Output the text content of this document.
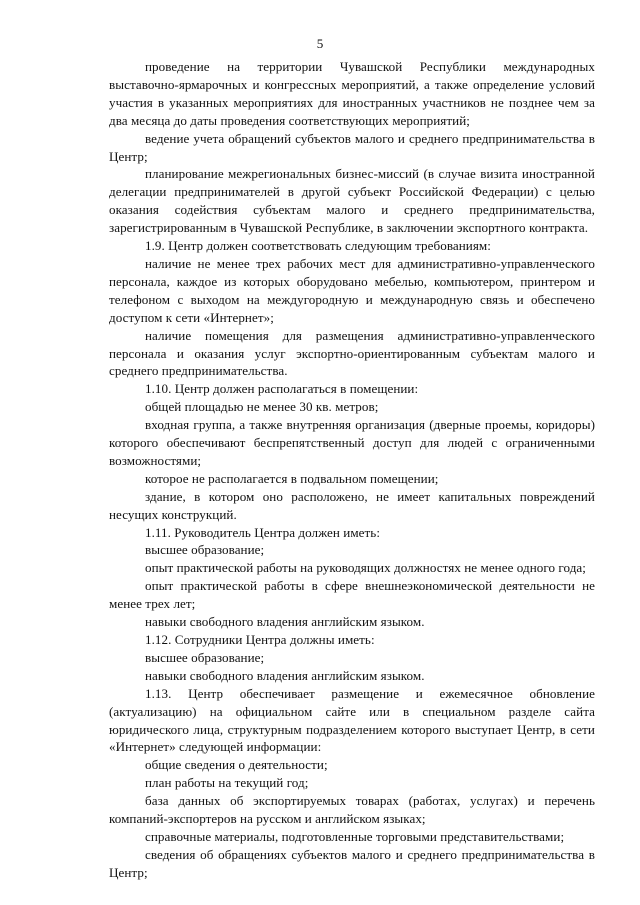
5

проведение на территории Чувашской Республики международных выставочно-ярмарочных и конгрессных мероприятий, а также определение условий участия в указанных мероприятиях для иностранных участников не позднее чем за два месяца до даты проведения соответствующих мероприятий;

ведение учета обращений субъектов малого и среднего предпринимательства в Центр;

планирование межрегиональных бизнес-миссий (в случае визита иностранной делегации предпринимателей в другой субъект Российской Федерации) с целью оказания содействия субъектам малого и среднего предпринимательства, зарегистрированным в Чувашской Республике, в заключении экспортного контракта.

1.9. Центр должен соответствовать следующим требованиям:

наличие не менее трех рабочих мест для административно-управленческого персонала, каждое из которых оборудовано мебелью, компьютером, принтером и телефоном с выходом на междугородную и международную связь и обеспечено доступом к сети «Интернет»;

наличие помещения для размещения административно-управленческого персонала и оказания услуг экспортно-ориентированным субъектам малого и среднего предпринимательства.

1.10. Центр должен располагаться в помещении:

общей площадью не менее 30 кв. метров;

входная группа, а также внутренняя организация (дверные проемы, коридоры) которого обеспечивают беспрепятственный доступ для людей с ограниченными возможностями;

которое не располагается в подвальном помещении;

здание, в котором оно расположено, не имеет капитальных повреждений несущих конструкций.

1.11. Руководитель Центра должен иметь:

высшее образование;

опыт практической работы на руководящих должностях не менее одного года;

опыт практической работы в сфере внешнеэкономической деятельности не менее трех лет;

навыки свободного владения английским языком.

1.12. Сотрудники Центра должны иметь:

высшее образование;

навыки свободного владения английским языком.

1.13. Центр обеспечивает размещение и ежемесячное обновление (актуализацию) на официальном сайте или в специальном разделе сайта юридического лица, структурным подразделением которого выступает Центр, в сети «Интернет» следующей информации:

общие сведения о деятельности;

план работы на текущий год;

база данных об экспортируемых товарах (работах, услугах) и перечень компаний-экспортеров на русском и английском языках;

справочные материалы, подготовленные торговыми представительствами;

сведения об обращениях субъектов малого и среднего предпринимательства в Центр;
